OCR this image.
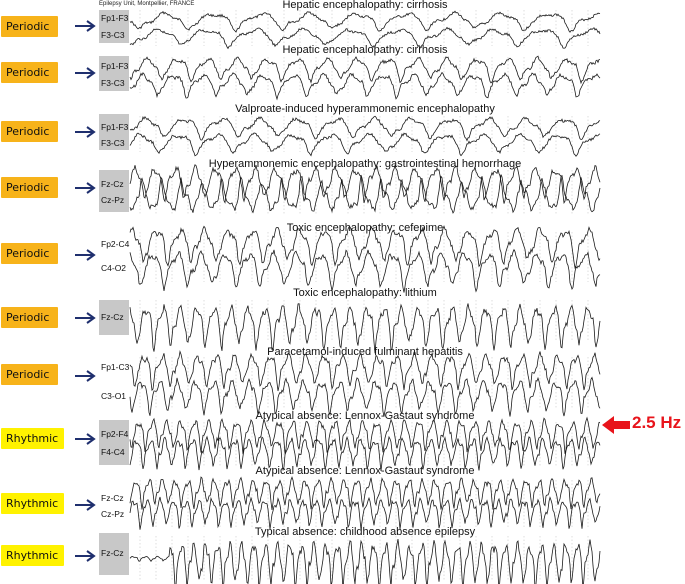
Epilepsy Unit, Montpellier, FRANCE
Periodic
Fp1-F3
F3-C3
Hepatic encephalopathy: cirrhosis
Periodic	Fp1-F3
F3-C3
Hepatic encephalopathy: cirrhosis
Periodic	Fp1-F3
F3-C3
Valproate-induced hyperammonemic encephalopathy
Periodic	Fz-Cz
Cz-Pz
Hyperammonemic encephalopathy: gastrointestinal hemorrhage
Periodic
Fp2-C4
C4-O2
Toxic encephalopathy: cefepime
Periodic	Fz-Cz
Toxic encephalopathy: lithium
Periodic
Fp1-C3
C3-O1
Paracetamol-induced fulminant hepatitis
Rhythmic	Fp2-F4
F4-C4
Atypical absence: Lennox-Gastaut syndrome
Rhythmic	Fz-Cz
Cz-Pz
Atypical absence: Lennox-Gastaut syndrome
Rhythmic	Fz-Cz
Typical absence: childhood absence epilepsy
2.5 Hz
